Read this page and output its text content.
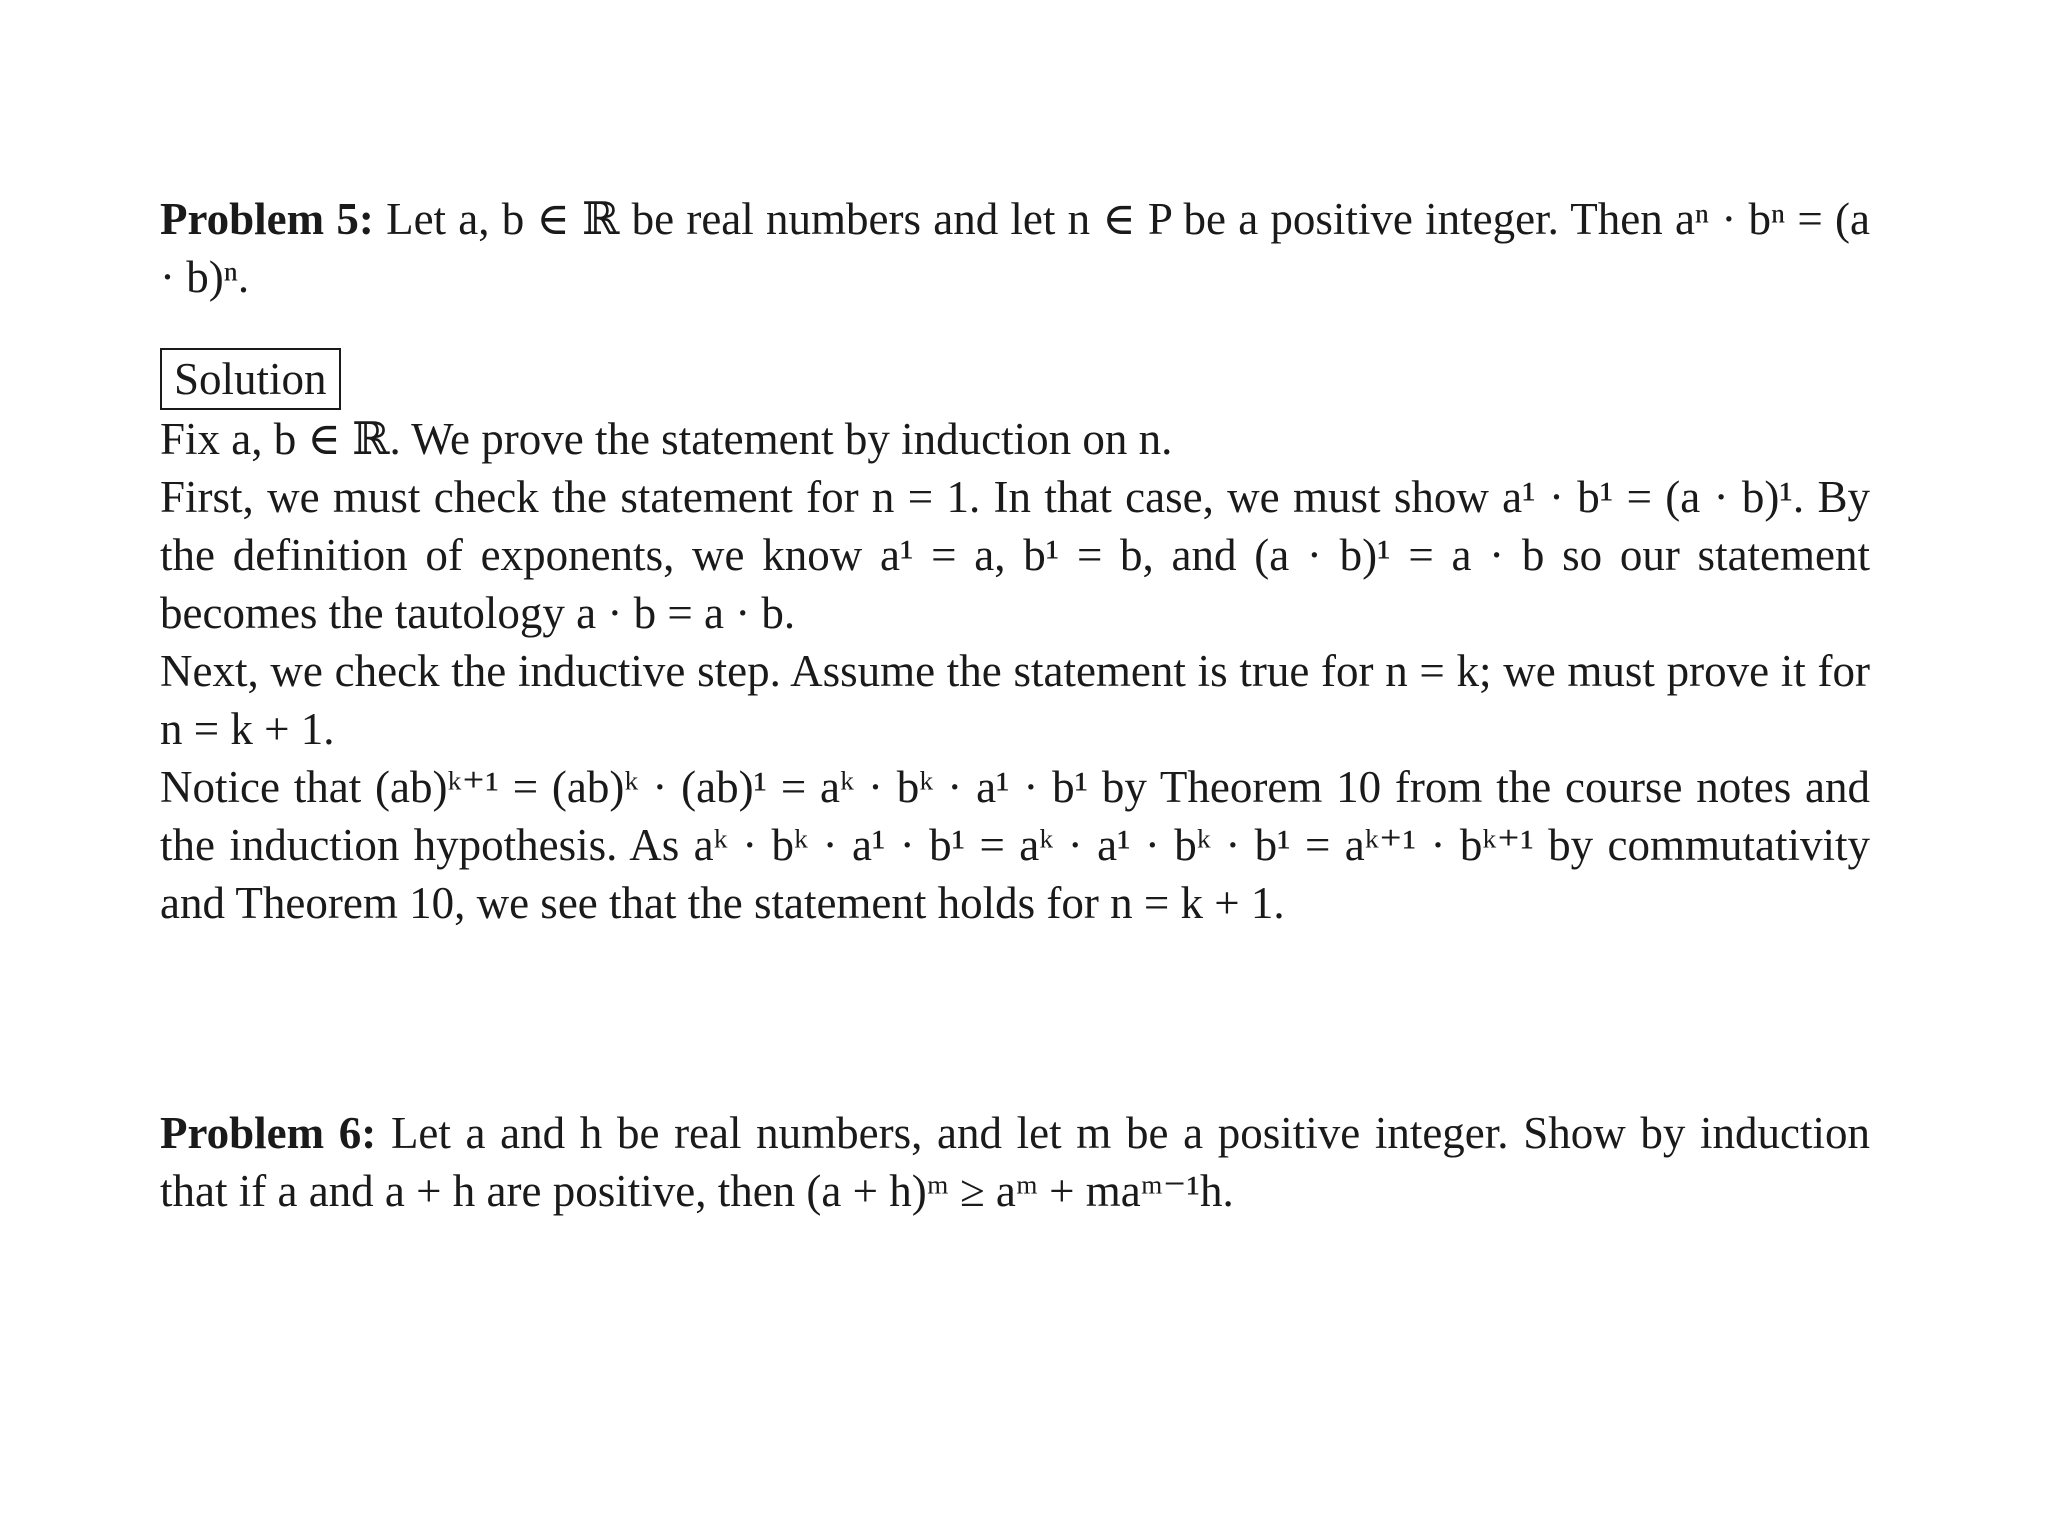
Problem 5: Let a, b ∈ ℝ be real numbers and let n ∈ P be a positive integer. Then aⁿ · bⁿ = (a · b)ⁿ.

Solution

Fix a, b ∈ ℝ. We prove the statement by induction on n.

First, we must check the statement for n = 1. In that case, we must show a¹ · b¹ = (a · b)¹. By the definition of exponents, we know a¹ = a, b¹ = b, and (a · b)¹ = a · b so our statement becomes the tautology a · b = a · b.

Next, we check the inductive step. Assume the statement is true for n = k; we must prove it for n = k + 1.

Notice that (ab)ᵏ⁺¹ = (ab)ᵏ · (ab)¹ = aᵏ · bᵏ · a¹ · b¹ by Theorem 10 from the course notes and the induction hypothesis. As aᵏ · bᵏ · a¹ · b¹ = aᵏ · a¹ · bᵏ · b¹ = aᵏ⁺¹ · bᵏ⁺¹ by commutativity and Theorem 10, we see that the statement holds for n = k + 1.

Problem 6: Let a and h be real numbers, and let m be a positive integer. Show by induction that if a and a + h are positive, then (a + h)ᵐ ≥ aᵐ + maᵐ⁻¹h.
